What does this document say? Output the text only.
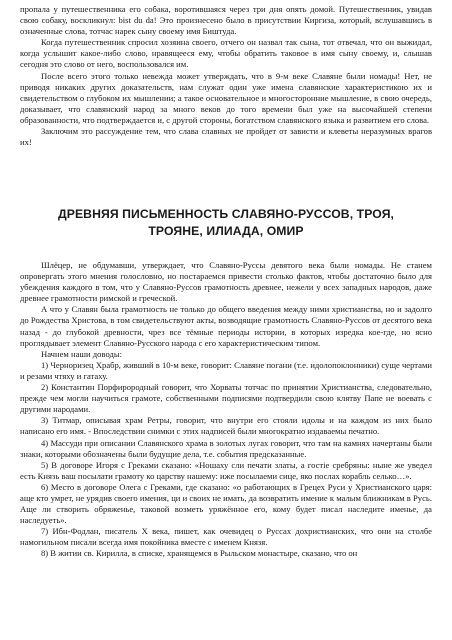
пропала у путешественника его собака, воротившаяся через три дня опять домой. Путешественник, увидав свою собаку, воскликнул: bist du da! Это произнесено было в присутствии Киргиза, который, вслушавшись в означенные слова, тотчас нарек сыну своему имя Биштуда.

Когда путешественник спросил хозяина своего, отчего он назвал так сына, тот отвечал, что он выжидал, когда услышит какое-либо слово, нравящееся ему, чтобы обратить таковое в имя сыну своему, и, слышав сегодня это слово от него, воспользовался им.

После всего этого только невежда может утверждать, что в 9-м веке Славяне были номады! Нет, не приводя никаких других доказательств, нам служат один уже имена славянские характеристикою их и свидетельством о глубоком их мышлении; а такое основательное и многосторонние мышление, в свою очередь, доказывает, что славянский народ за много веков до того времени был уже на высочайшей степени образованности, что подтверждается и, с другой стороны, богатством славянского языка и развитием его слова.

Заключим это рассуждение тем, что слава славных не пройдет от зависти и клеветы неразумных врагов их!

ДРЕВНЯЯ ПИСЬМЕННОСТЬ СЛАВЯНО-РУССОВ, ТРОЯ, ТРОЯНЕ, ИЛИАДА, ОМИР

Шлёцер, не обдумавши, утверждает, что Славяно-Руссы девятого века были номады. Не станем опровергать этого мнения голословно, но постараемся привести столько фактов, чтобы достаточно было для убеждения каждого в том, что у Славяно-Руссов грамотность древнее, нежели у всех западных народов, даже древнее грамотности римской и греческой.

А что у Славян была грамотность не только до общего введения между ними христианства, но и задолго до Рождества Христова, в том свидетельствуют акты, возводящие грамотность Славяно-Руссов от десятого века назад - до глубокой древности, чрез все тёмные периоды истории, в которых изредка кое-где, но ясно проглядывает элемент Славяно-Русского народа с его характеристическим типом.

Начнем наши доводы:

1) Черноризец Храбр, живший в 10-м веке, говорит: Славяне погани (т.е. идолопоклонники) суще чертами и резами чтяху и гатаху.

2) Константин Порфирородный говорит, что Хорваты тотчас по принятии Христианства, следовательно, прежде чем могли научиться грамоте, собственными подписями подтвердили свою клятву Папе не воевать с другими народами.

3) Титмар, описывая храм Ретры, говорит, что внутри его стояли идолы и на каждом из них было написано его имя. - Впоследствии снимки с этих надписей были многократно издаваемы печатно.

4) Массуди при описании Славянского храма в золотых лугах говорит, что там на камнях начертаны были знаки, которыми обозначены были будущие дела, т.е. события предсказанные.

5) В договоре Игоря с Греками сказано: «Ношаху сли печати златы, а гостiе сребряны: ныне же уведел есть Князь ваш посылати грамоту ко царству нашему: иже посылаеми сице, яко послах корабль селько…».

6) Место в договоре Олега с Греками, где сказано: «о работающих в Грецех Руси у Христианского царя: аще кто умрет, не урядив своего имения, ци и своих не имать, да возвратить имение к малым ближникам в Русь. Аще ли створить обряженье, таковой возметь уряжённое его, кому будет писал наследите именье, да наследуеть».

7) Ибн-Фодлан, писатель X века, пишет, как очевидец о Руссах дохристианских, что они на столбе намогильном писали всегда имя покойника вместе с именем Князя.

8) В житии св. Кирилла, в списке, хранящемся в Рыльском монастыре, сказано, что он
